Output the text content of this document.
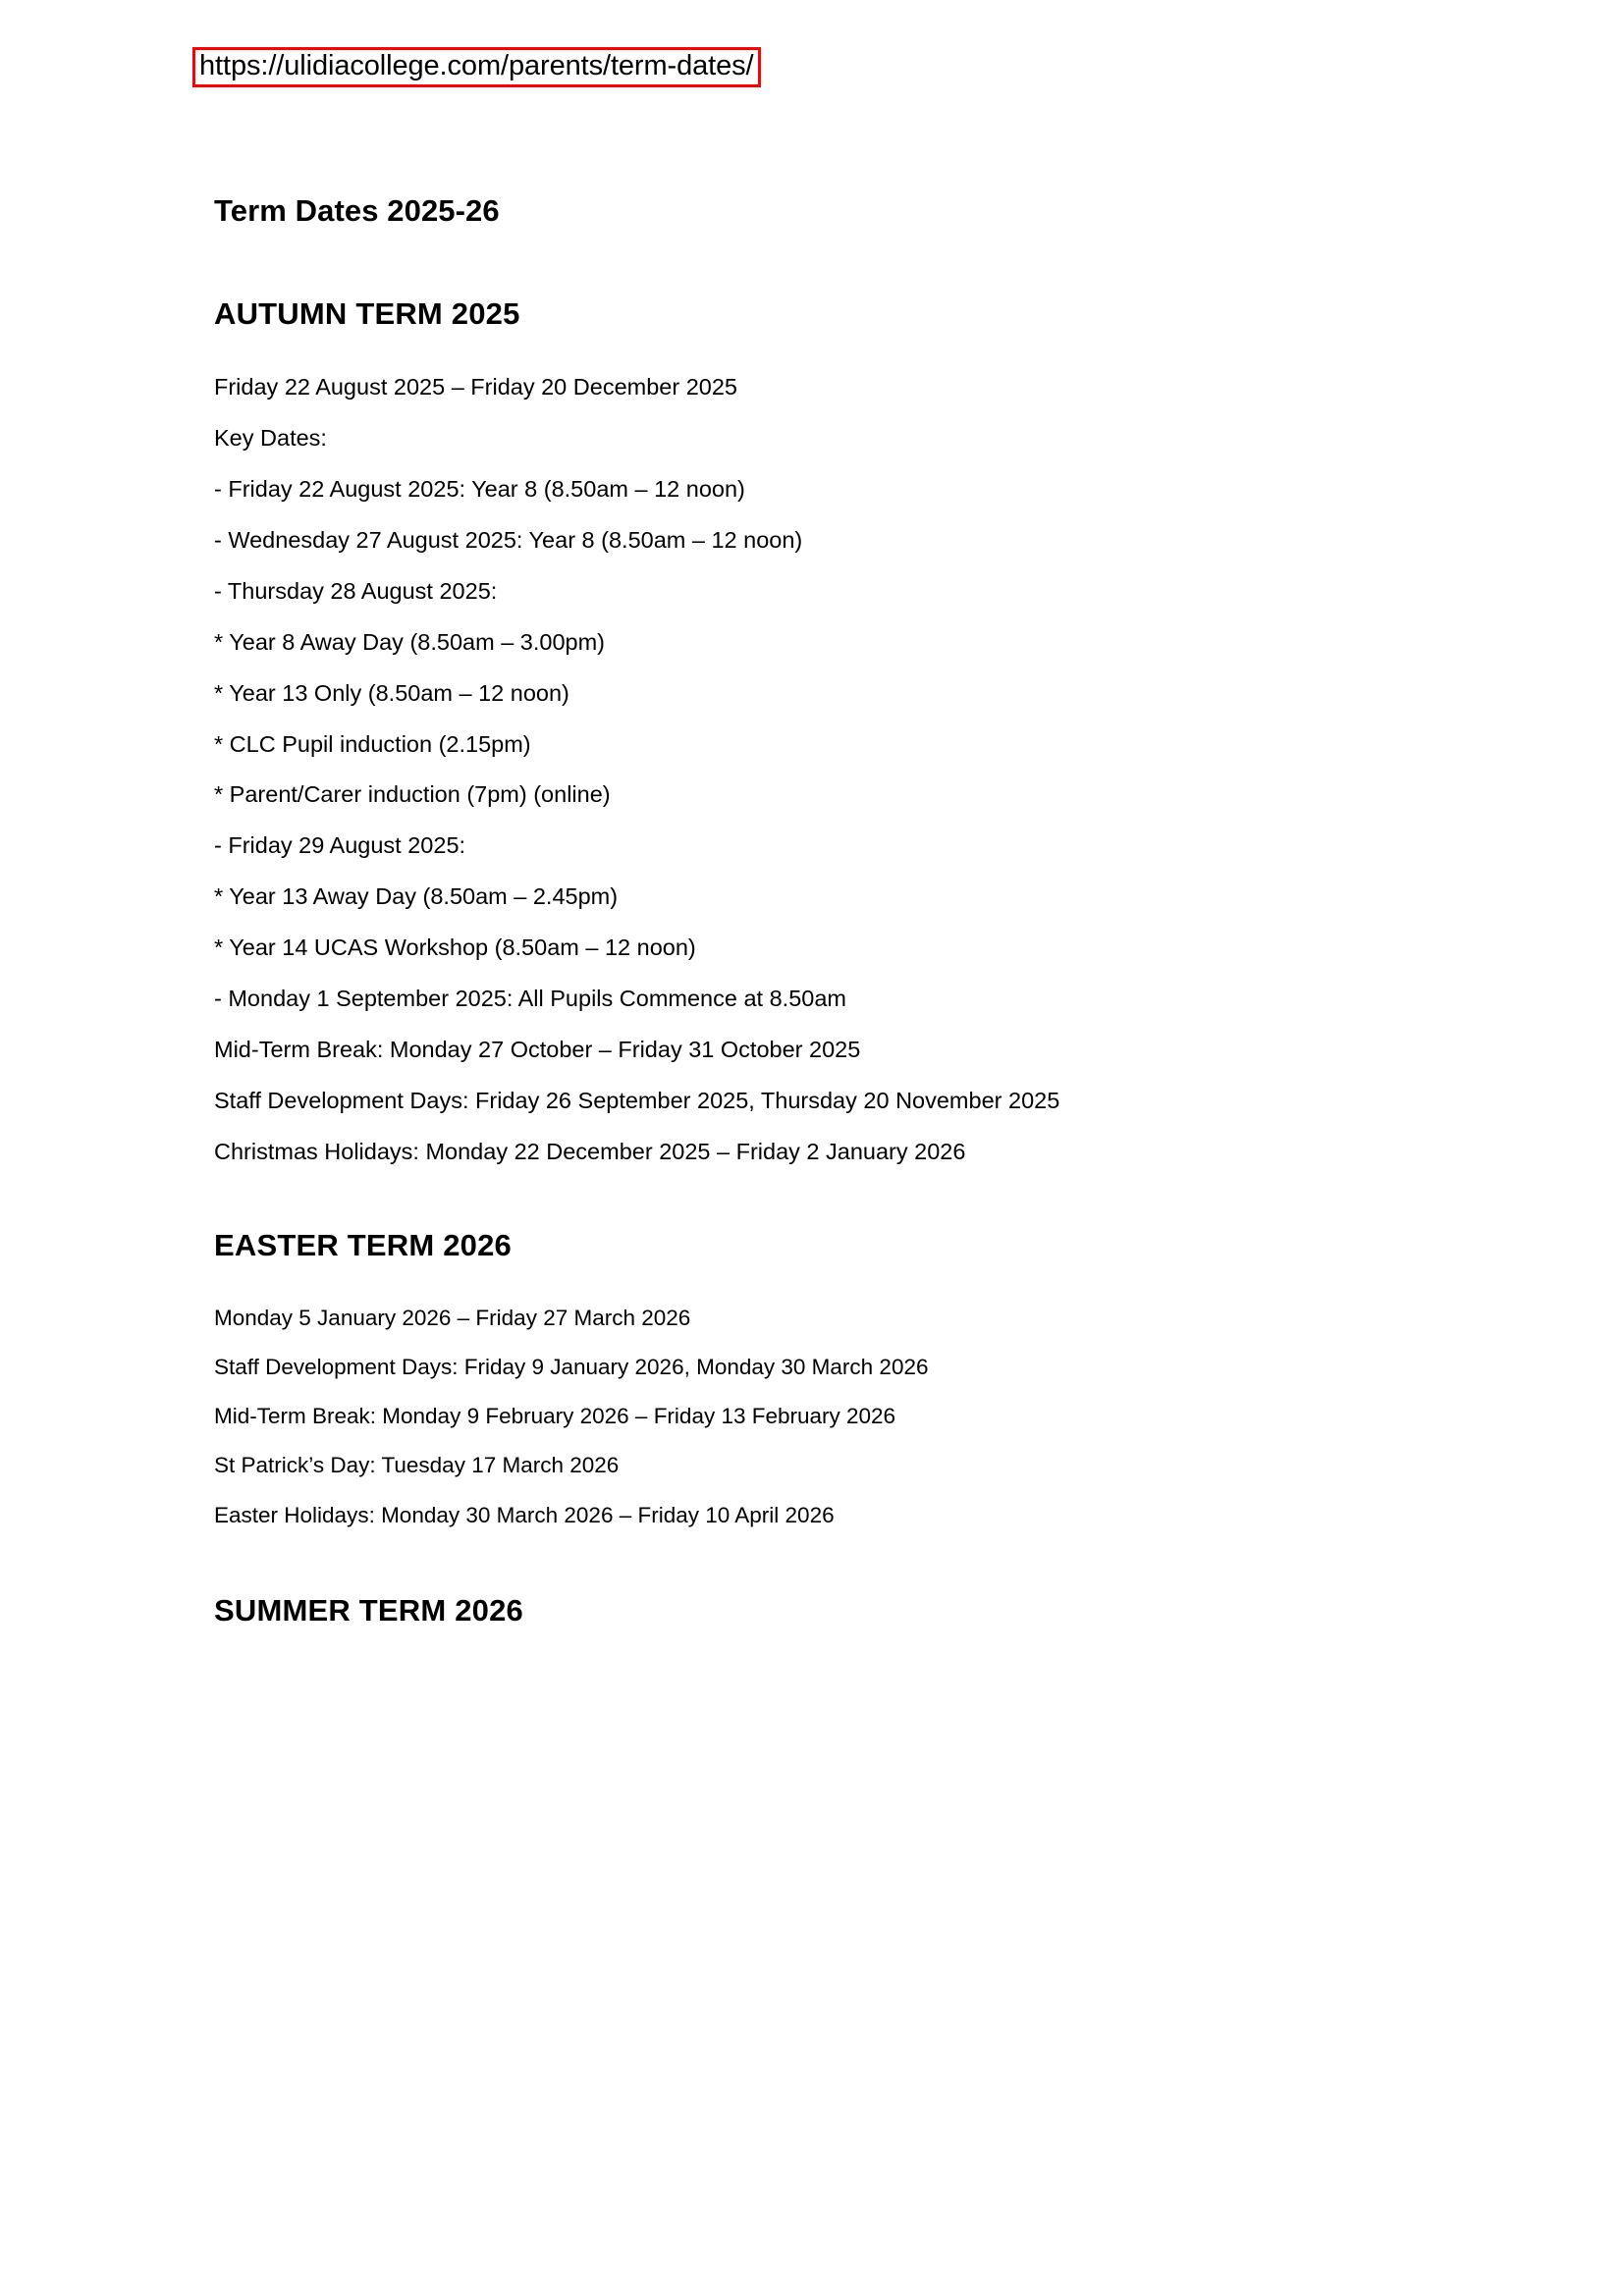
https://ulidiacollege.com/parents/term-dates/
Term Dates 2025-26
AUTUMN TERM 2025

Friday 22 August 2025 – Friday 20 December 2025

Key Dates:

- Friday 22 August 2025: Year 8 (8.50am – 12 noon)

- Wednesday 27 August 2025: Year 8 (8.50am – 12 noon)

- Thursday 28 August 2025:

* Year 8 Away Day (8.50am – 3.00pm)

* Year 13 Only (8.50am – 12 noon)

* CLC Pupil induction (2.15pm)

* Parent/Carer induction (7pm) (online)

- Friday 29 August 2025:

* Year 13 Away Day (8.50am – 2.45pm)

* Year 14 UCAS Workshop (8.50am – 12 noon)

- Monday 1 September 2025: All Pupils Commence at 8.50am

Mid-Term Break: Monday 27 October – Friday 31 October 2025

Staff Development Days: Friday 26 September 2025, Thursday 20 November 2025

Christmas Holidays: Monday 22 December 2025 – Friday 2 January 2026

EASTER TERM 2026

Monday 5 January 2026 – Friday 27 March 2026

Staff Development Days: Friday 9 January 2026, Monday 30 March 2026

Mid-Term Break: Monday 9 February 2026 – Friday 13 February 2026

St Patrick’s Day: Tuesday 17 March 2026

Easter Holidays: Monday 30 March 2026 – Friday 10 April 2026

SUMMER TERM 2026
